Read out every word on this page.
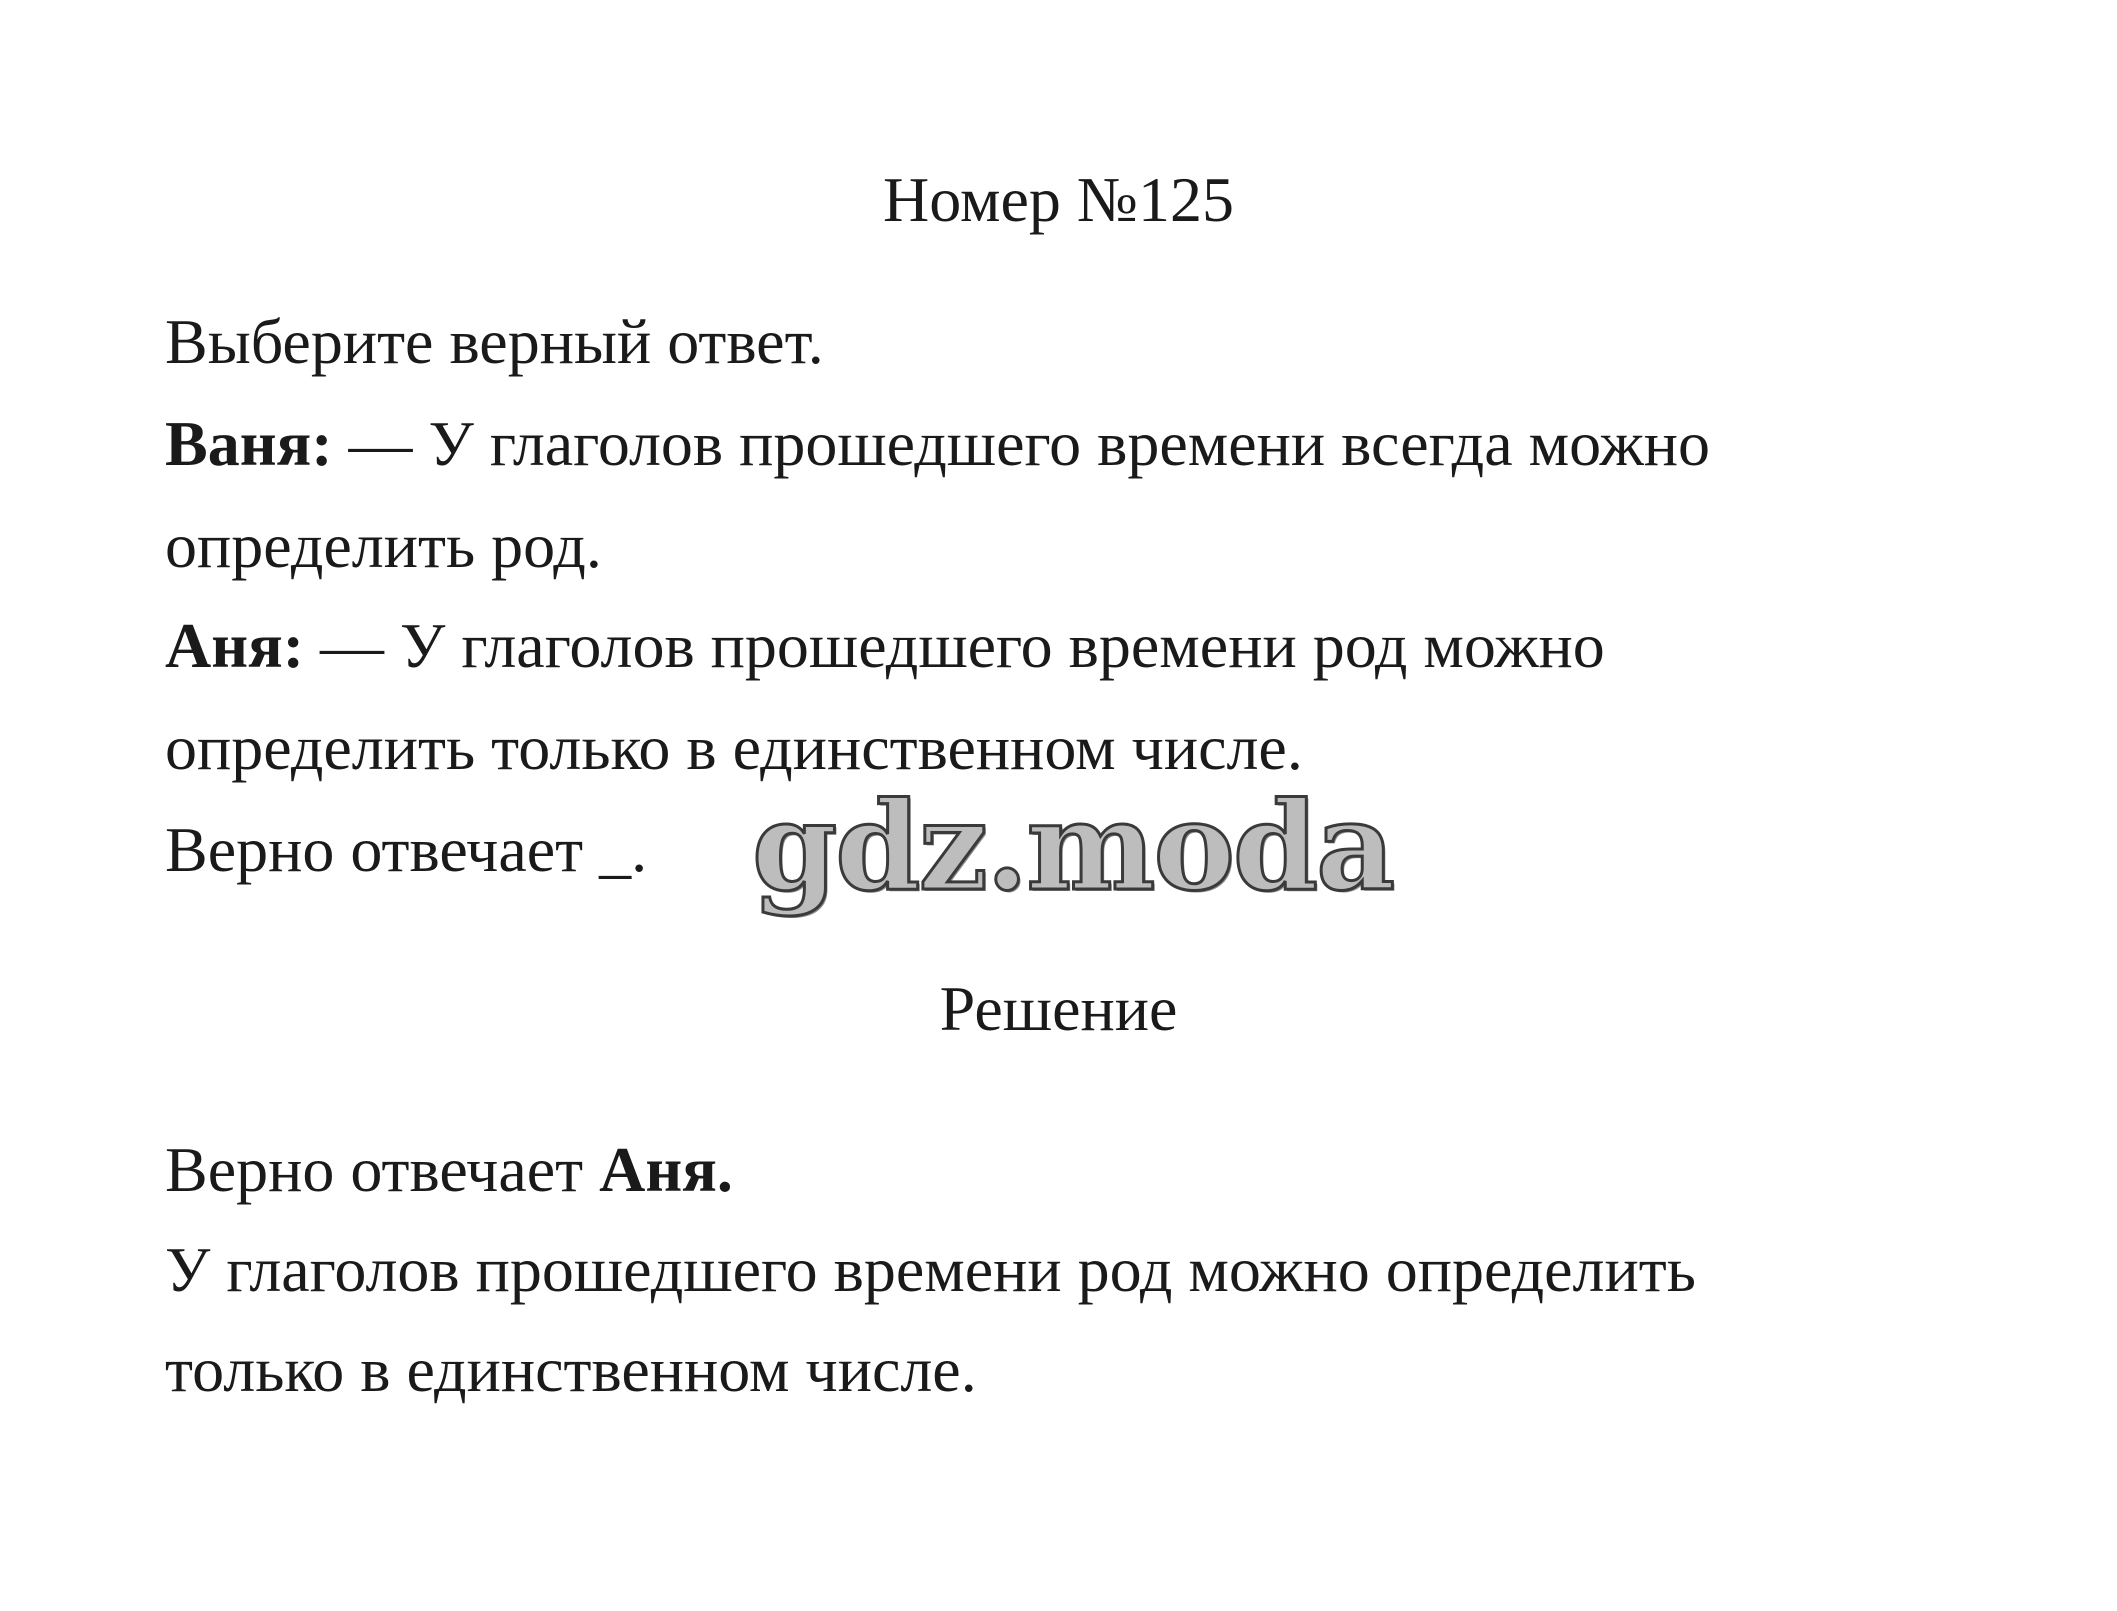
Номер №125
Выберите верный ответ.
Ваня: — У глаголов прошедшего времени всегда можно
определить род.
Аня: — У глаголов прошедшего времени род можно
определить только в единственном числе.
Верно отвечает _. gdz.moda
Решение
Верно отвечает Аня.
У глаголов прошедшего времени род можно определить
только в единственном числе.
